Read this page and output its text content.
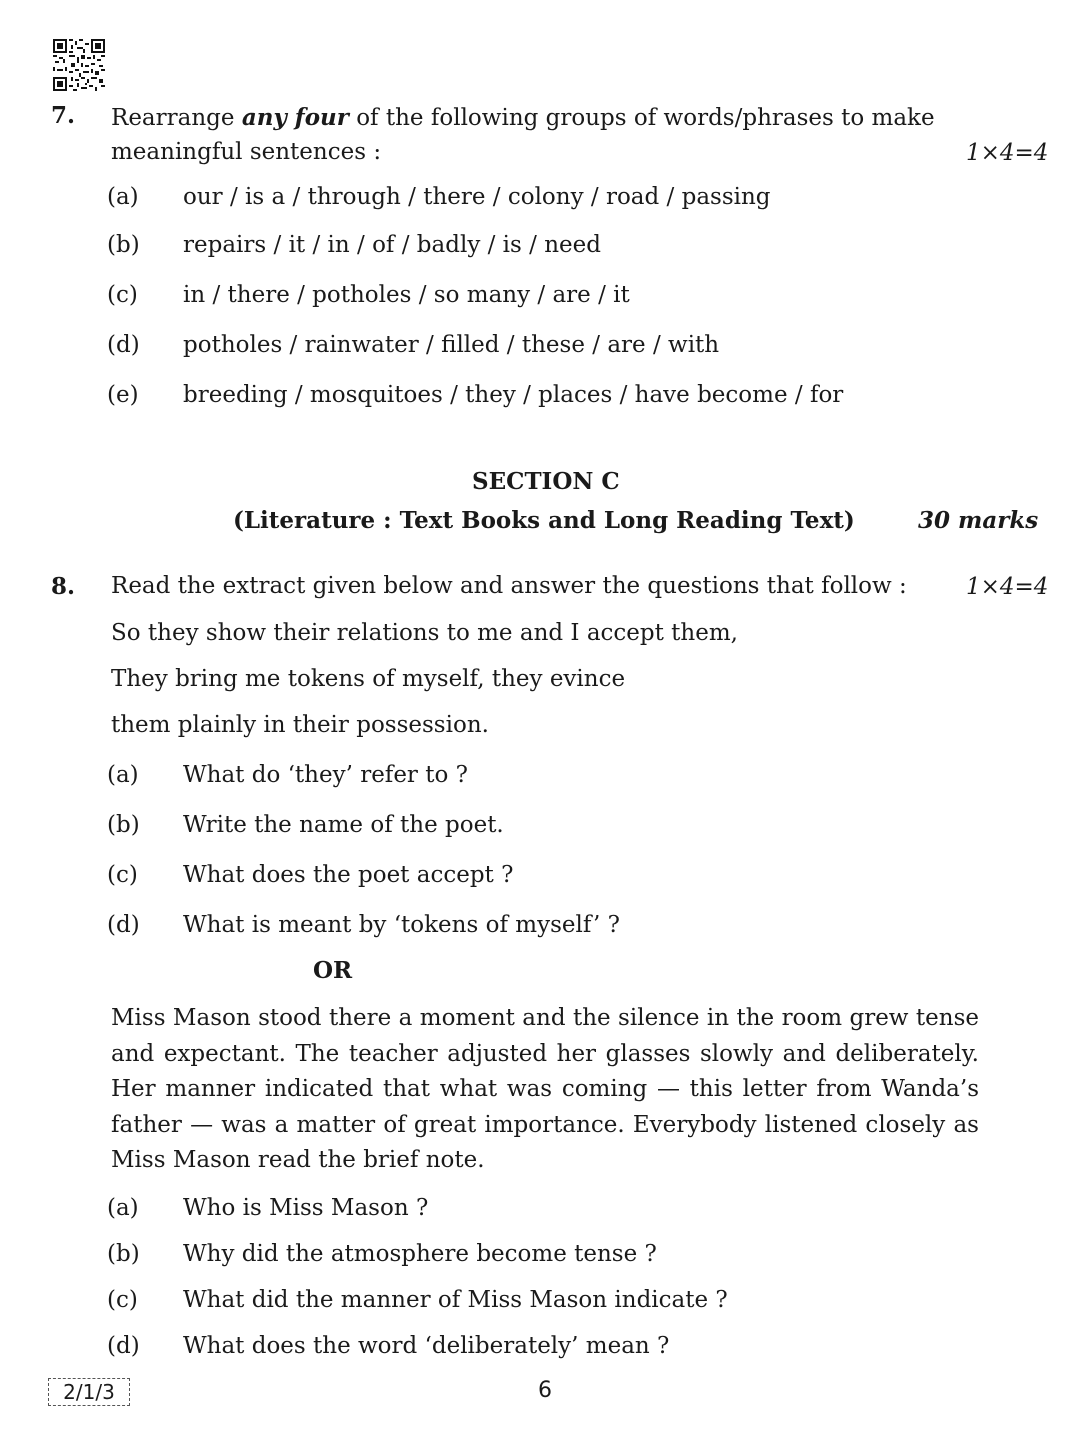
7. Rearrange any four of the following groups of words/phrases to make
meaningful sentences :	1×4=4
(a) our / is a / through / there / colony / road / passing
(b) repairs / it / in / of / badly / is / need
(c) in / there / potholes / so many / are / it
(d) potholes / rainwater / filled / these / are / with
(e) breeding / mosquitoes / they / places / have become / for
SECTION C
(Literature : Text Books and Long Reading Text)	30 marks
8. Read the extract given below and answer the questions that follow :	1×4=4
So they show their relations to me and I accept them,
They bring me tokens of myself, they evince
them plainly in their possession.
(a) What do ‘they’ refer to ?
(b) Write the name of the poet.
(c) What does the poet accept ?
(d) What is meant by ‘tokens of myself’ ?
OR
Miss Mason stood there a moment and the silence in the room grew tense and expectant. The teacher adjusted her glasses slowly and deliberately. Her manner indicated that what was coming — this letter from Wanda’s father — was a matter of great importance. Everybody listened closely as Miss Mason read the brief note.
(a) Who is Miss Mason ?
(b) Why did the atmosphere become tense ?
(c) What did the manner of Miss Mason indicate ?
(d) What does the word ‘deliberately’ mean ?
2/1/3	6
